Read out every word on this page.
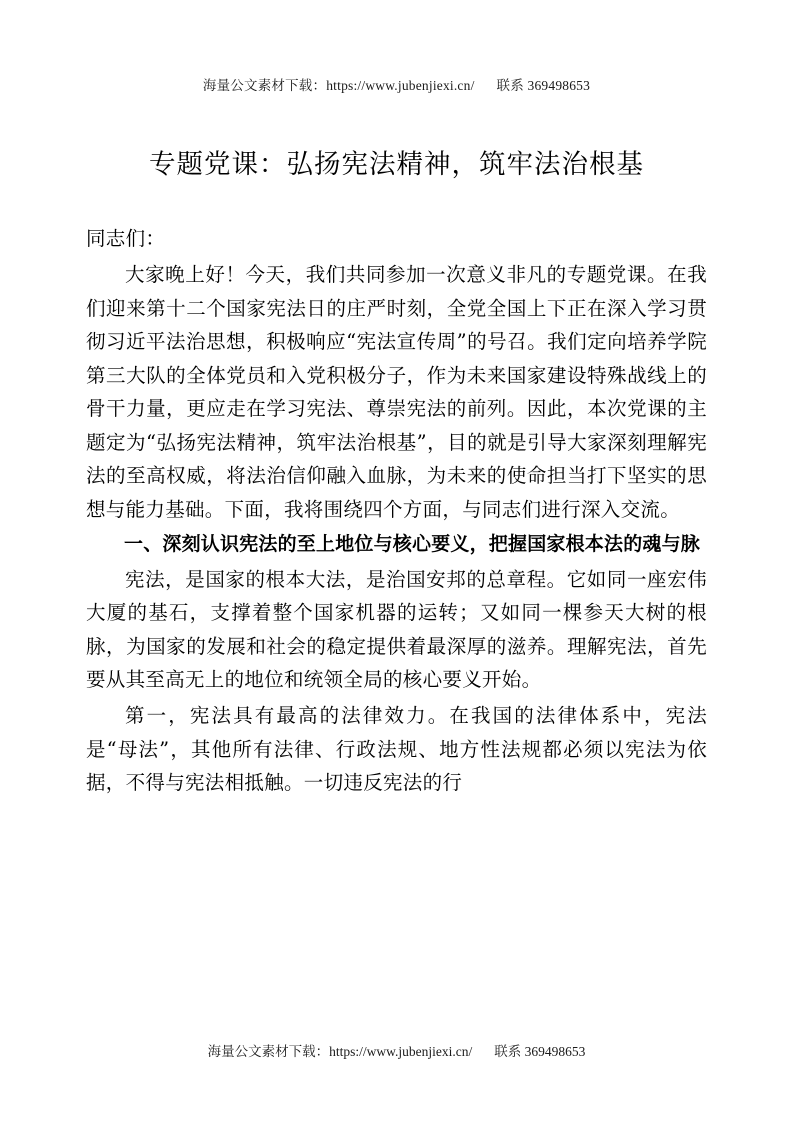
海量公文素材下载：https://www.jubenjiexi.cn/ 联系 369498653
专题党课：弘扬宪法精神，筑牢法治根基

同志们：

大家晚上好！今天，我们共同参加一次意义非凡的专题党课。在我们迎来第十二个国家宪法日的庄严时刻，全党全国上下正在深入学习贯彻习近平法治思想，积极响应“宪法宣传周”的号召。我们定向培养学院第三大队的全体党员和入党积极分子，作为未来国家建设特殊战线上的骨干力量，更应走在学习宪法、尊崇宪法的前列。因此，本次党课的主题定为“弘扬宪法精神，筑牢法治根基”，目的就是引导大家深刻理解宪法的至高权威，将法治信仰融入血脉，为未来的使命担当打下坚实的思想与能力基础。下面，我将围绕四个方面，与同志们进行深入交流。

一、深刻认识宪法的至上地位与核心要义，把握国家根本法的魂与脉

宪法，是国家的根本大法，是治国安邦的总章程。它如同一座宏伟大厦的基石，支撑着整个国家机器的运转；又如同一棵参天大树的根脉，为国家的发展和社会的稳定提供着最深厚的滋养。理解宪法，首先要从其至高无上的地位和统领全局的核心要义开始。

第一，宪法具有最高的法律效力。在我国的法律体系中，宪法是“母法”，其他所有法律、行政法规、地方性法规都必须以宪法为依据，不得与宪法相抵触。一切违反宪法的行

海量公文素材下载：https://www.jubenjiexi.cn/ 联系 369498653
